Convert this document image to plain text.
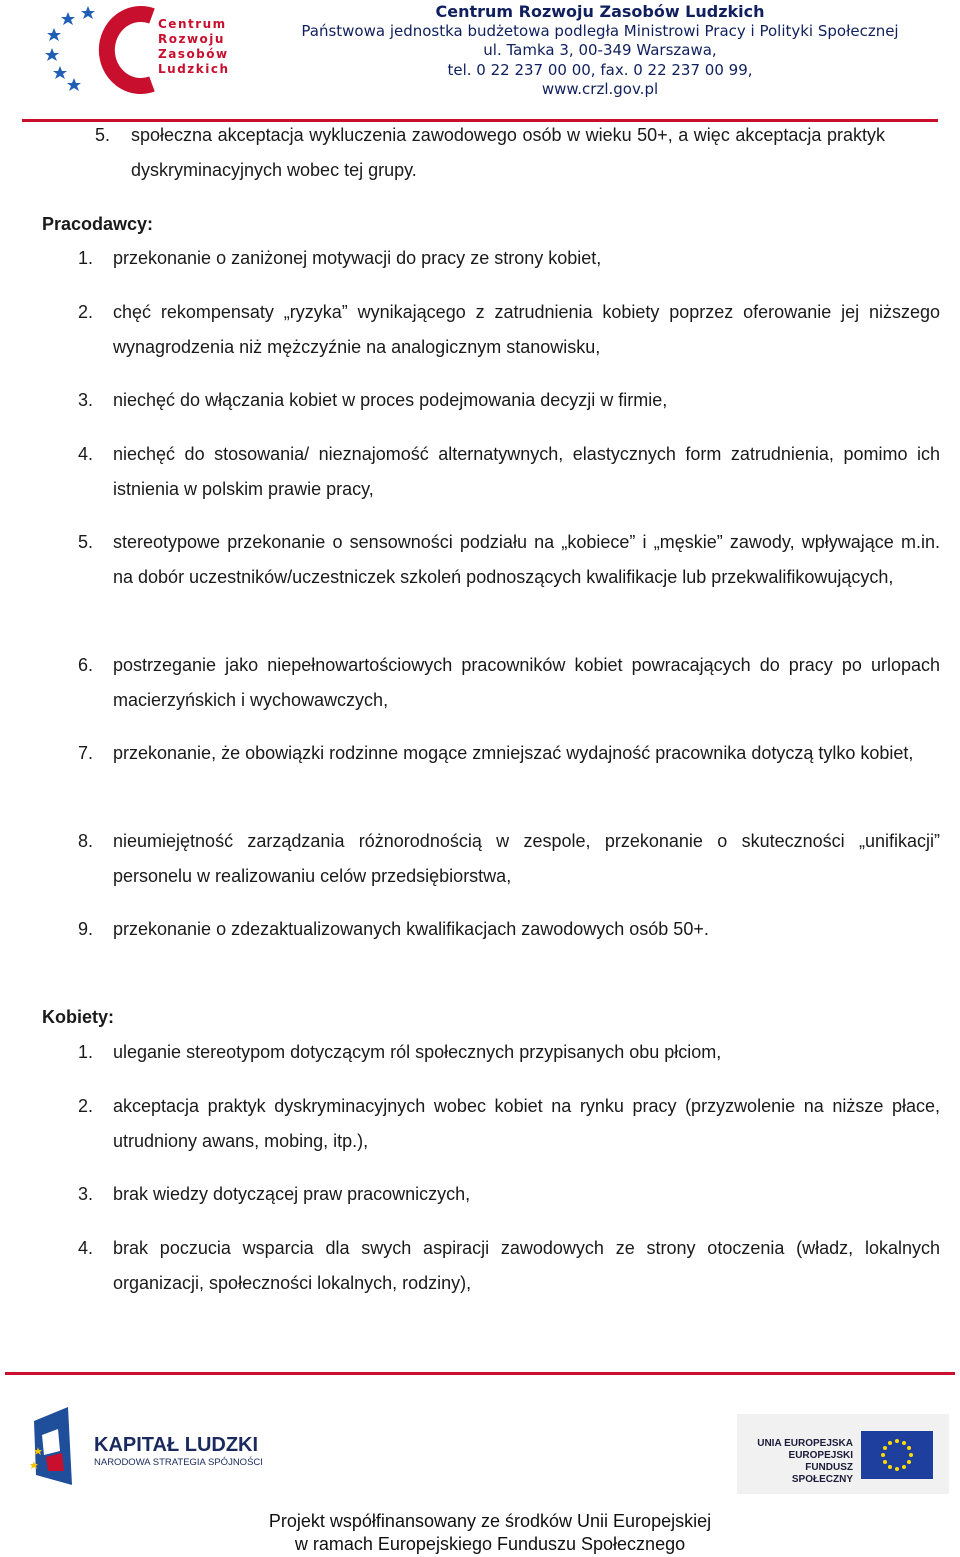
Centrum
Rozwoju
Zasobów
Ludzkich
Centrum Rozwoju Zasobów Ludzkich
Państwowa jednostka budżetowa podległa Ministrowi Pracy i Polityki Społecznej
ul. Tamka 3, 00-349 Warszawa,
tel. 0 22 237 00 00, fax. 0 22 237 00 99,
www.crzl.gov.pl
5.	społeczna akceptacja wykluczenia zawodowego osób w wieku 50+, a więc akceptacja praktyk dyskryminacyjnych wobec tej grupy.
Pracodawcy:
1.	przekonanie o zaniżonej motywacji do pracy ze strony kobiet,
2.	chęć rekompensaty „ryzyka” wynikającego z zatrudnienia kobiety poprzez oferowanie jej niższego wynagrodzenia niż mężczyźnie na analogicznym stanowisku,
3.	niechęć do włączania kobiet w proces podejmowania decyzji w firmie,
4.	niechęć do stosowania/ nieznajomość alternatywnych, elastycznych form zatrudnienia, pomimo ich istnienia w polskim prawie pracy,
5.	stereotypowe przekonanie o sensowności podziału na „kobiece” i „męskie” zawody, wpływające m.in. na dobór uczestników/uczestniczek szkoleń podnoszących kwalifikacje lub przekwalifikowujących,
6.	postrzeganie jako niepełnowartościowych pracowników kobiet powracających do pracy po urlopach macierzyńskich i wychowawczych,
7.	przekonanie, że obowiązki rodzinne mogące zmniejszać wydajność pracownika dotyczą tylko kobiet,
8.	nieumiejętność zarządzania różnorodnością w zespole, przekonanie o skuteczności „unifikacji” personelu w realizowaniu celów przedsiębiorstwa,
9.	przekonanie o zdezaktualizowanych kwalifikacjach zawodowych osób 50+.
Kobiety:
1.	uleganie stereotypom dotyczącym ról społecznych przypisanych obu płciom,
2.	akceptacja praktyk dyskryminacyjnych wobec kobiet na rynku pracy (przyzwolenie na niższe płace, utrudniony awans, mobing, itp.),
3.	brak wiedzy dotyczącej praw pracowniczych,
4.	brak poczucia wsparcia dla swych aspiracji zawodowych ze strony otoczenia (władz, lokalnych organizacji, społeczności lokalnych, rodziny),
KAPITAŁ LUDZKI
NARODOWA STRATEGIA SPÓJNOŚCI
UNIA EUROPEJSKA
EUROPEJSKI
FUNDUSZ SPOŁECZNY
Projekt współfinansowany ze środków Unii Europejskiej
w ramach Europejskiego Funduszu Społecznego
